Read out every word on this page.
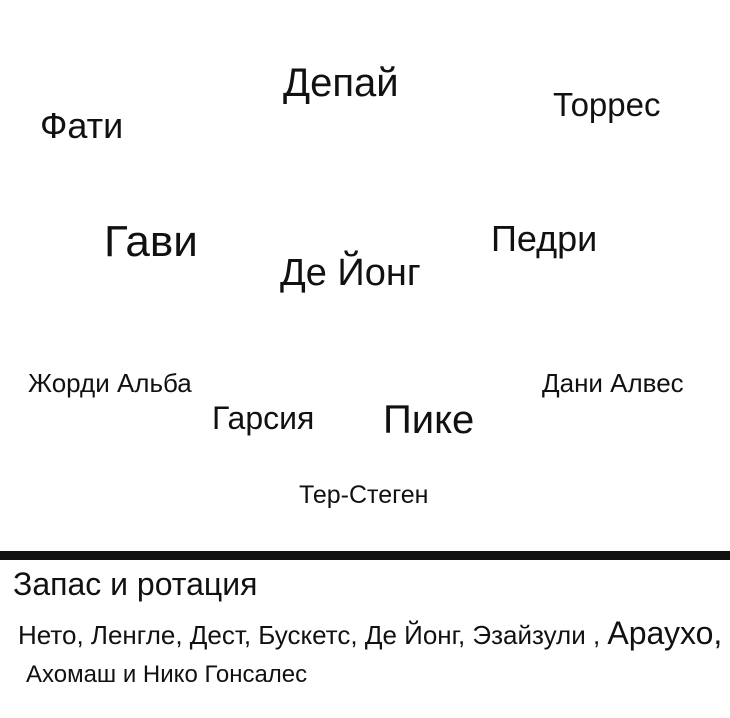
Депай
Фати
Торрес
Гави	Педри
Де Йонг
Жорди Альба	Дани Алвес
Гарсия Пике
Тер-Стеген
Запас и ротация
Нето, Ленгле, Дест, Бускетс, Де Йонг, Эзайзули , Араухо,
Ахомаш и Нико Гонсалес
